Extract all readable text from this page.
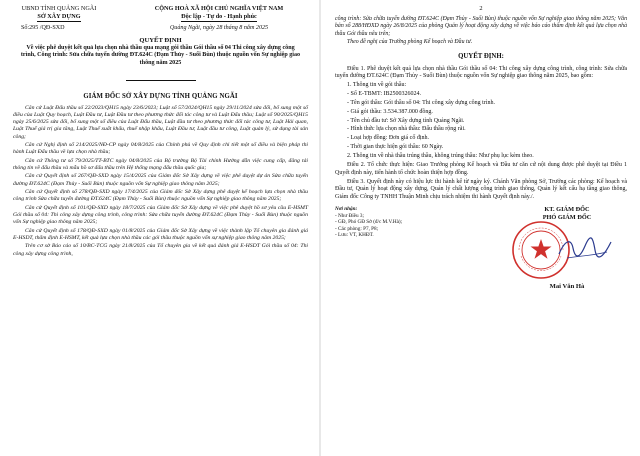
UBND TỈNH QUẢNG NGÃI
SỞ XÂY DỰNG
CỘNG HOÀ XÃ HỘI CHỦ NGHĨA VIỆT NAM
Độc lập - Tự do - Hạnh phúc
Số:295 /QĐ-SXD	Quảng Ngãi, ngày 28 tháng 8 năm 2025
QUYẾT ĐỊNH
Về việc phê duyệt kết quả lựa chọn nhà thầu qua mạng gói thầu Gói thầu số 04 Thi công xây dựng công trình, Công trình: Sửa chữa tuyến đường ĐT.624C (Đạm Thủy - Suối Bùn) thuộc nguồn vốn Sự nghiệp giao thông năm 2025
GIÁM ĐỐC SỞ XÂY DỰNG TỈNH QUẢNG NGÃI

Căn cứ Luật Đấu thầu số 22/2023/QH15 ngày 23/6/2023; Luật số 57/2024/QH15 ngày 29/11/2024 sửa đổi, bổ sung một số điều của Luật Quy hoạch, Luật Đầu tư, Luật Đầu tư theo phương thức đối tác công tư và Luật Đấu thầu; Luật số 90/2025/QH15 ngày 25/6/2025 sửa đổi, bổ sung một số điều của Luật Đấu thầu, Luật đầu tư theo phương thức đối tác công tư, Luật Hải quan, Luật Thuế giá trị gia tăng, Luật Thuế xuất khẩu, thuế nhập khẩu, Luật Đầu tư, Luật đầu tư công, Luật quản lý, sử dụng tài sản công;

Căn cứ Nghị định số 214/2025/NĐ-CP ngày 04/8/2025 của Chính phủ về Quy định chi tiết một số điều và biện pháp thi hành Luật Đấu thầu về lựa chọn nhà thầu;

Căn cứ Thông tư số 79/2025/TT-BTC ngày 04/8/2025 của Bộ trưởng Bộ Tài chính Hướng dẫn việc cung cấp, đăng tải thông tin về đấu thầu và mẫu hồ sơ đấu thầu trên Hệ thống mạng đấu thầu quốc gia;

Căn cứ Quyết định số 267/QĐ-SXD ngày 15/4/2025 của Giám đốc Sở Xây dựng về việc phê duyệt dự án Sửa chữa tuyến đường ĐT.624C (Đạm Thủy - Suối Bùn) thuộc nguồn vốn Sự nghiệp giao thông năm 2025;

Căn cứ Quyết định số 278/QĐ-SXD ngày 17/4/2025 của Giám đốc Sở Xây dựng phê duyệt kế hoạch lựa chọn nhà thầu công trình Sửa chữa tuyến đường ĐT.624C (Đạm Thủy - Suối Bùn) thuộc nguồn vốn Sự nghiệp giao thông năm 2025;

Căn cứ Quyết định số 101/QĐ-SXD ngày 18/7/2025 của Giám đốc Sở Xây dựng về việc phê duyệt hồ sơ yêu cầu E-HSMT Gói thầu số 04: Thi công xây dựng công trình, công trình: Sửa chữa tuyến đường ĐT.624C (Đạm Thủy - Suối Bùn) thuộc nguồn vốn Sự nghiệp giao thông năm 2025;

Căn cứ Quyết định số 178/QĐ-SXD ngày 01/8/2025 của Giám đốc Sở Xây dựng về việc thành lập Tổ chuyên gia đánh giá E-HSDT, thẩm định E-HSMT, kết quả lựa chọn nhà thầu các gói thầu thuộc nguồn vốn sự nghiệp giao thông năm 2025;

Trên cơ sở Báo cáo số 10/BC-TCG ngày 21/8/2025 của Tổ chuyên gia về kết quả đánh giá E-HSDT Gói thầu số 04: Thi công xây dựng công trình,

2

công trình: Sửa chữa tuyến đường ĐT.624C (Đạm Thủy - Suối Bùn) thuộc nguồn vốn Sự nghiệp giao thông năm 2025; Văn bản số 288/HĐXD ngày 26/8/2025 của phòng Quản lý hoạt động xây dựng về việc báo cáo thẩm định kết quả lựa chọn nhà thầu Gói thầu nêu trên;

Theo đề nghị của Trưởng phòng Kế hoạch và Đầu tư.

QUYẾT ĐỊNH:

Điều 1. Phê duyệt kết quả lựa chọn nhà thầu Gói thầu số 04: Thi công xây dựng công trình, công trình: Sửa chữa tuyến đường ĐT.624C (Đạm Thủy - Suối Bùn) thuộc nguồn vốn Sự nghiệp giao thông năm 2025, bao gồm:

1. Thông tin về gói thầu:

- Số E-TBMT: IB2500326024.

- Tên gói thầu: Gói thầu số 04: Thi công xây dựng công trình.

- Giá gói thầu: 3.534.387.000 đồng.

- Tên chủ đầu tư: Sở Xây dựng tỉnh Quảng Ngãi.

- Hình thức lựa chọn nhà thầu: Đấu thầu rộng rãi.

- Loại hợp đồng: Đơn giá cố định.

- Thời gian thực hiện gói thầu: 60 Ngày.

2. Thông tin về nhà thầu trúng thầu, không trúng thầu: Như phụ lục kèm theo.

Điều 2. Tổ chức thực hiện: Giao Trưởng phòng Kế hoạch và Đầu tư căn cứ nội dung được phê duyệt tại Điều 1 Quyết định này, tiến hành tổ chức hoàn thiện hợp đồng.

Điều 3. Quyết định này có hiệu lực thi hành kể từ ngày ký. Chánh Văn phòng Sở, Trưởng các phòng: Kế hoạch và Đầu tư, Quản lý hoạt động xây dựng, Quản lý chất lượng công trình giao thông, Quản lý kết cấu hạ tầng giao thông, Giám đốc Công ty TNHH Thuận Minh chịu trách nhiệm thi hành Quyết định này./.

Nơi nhận:
- Như Điều 3;
- GĐ, Phó GĐ Sở (đ/c M.V.Hà);
- Các phòng: P7, P8;
- Lưu: VT, KHĐT.
KT. GIÁM ĐỐC
PHÓ GIÁM ĐỐC
Mai Văn Hà
